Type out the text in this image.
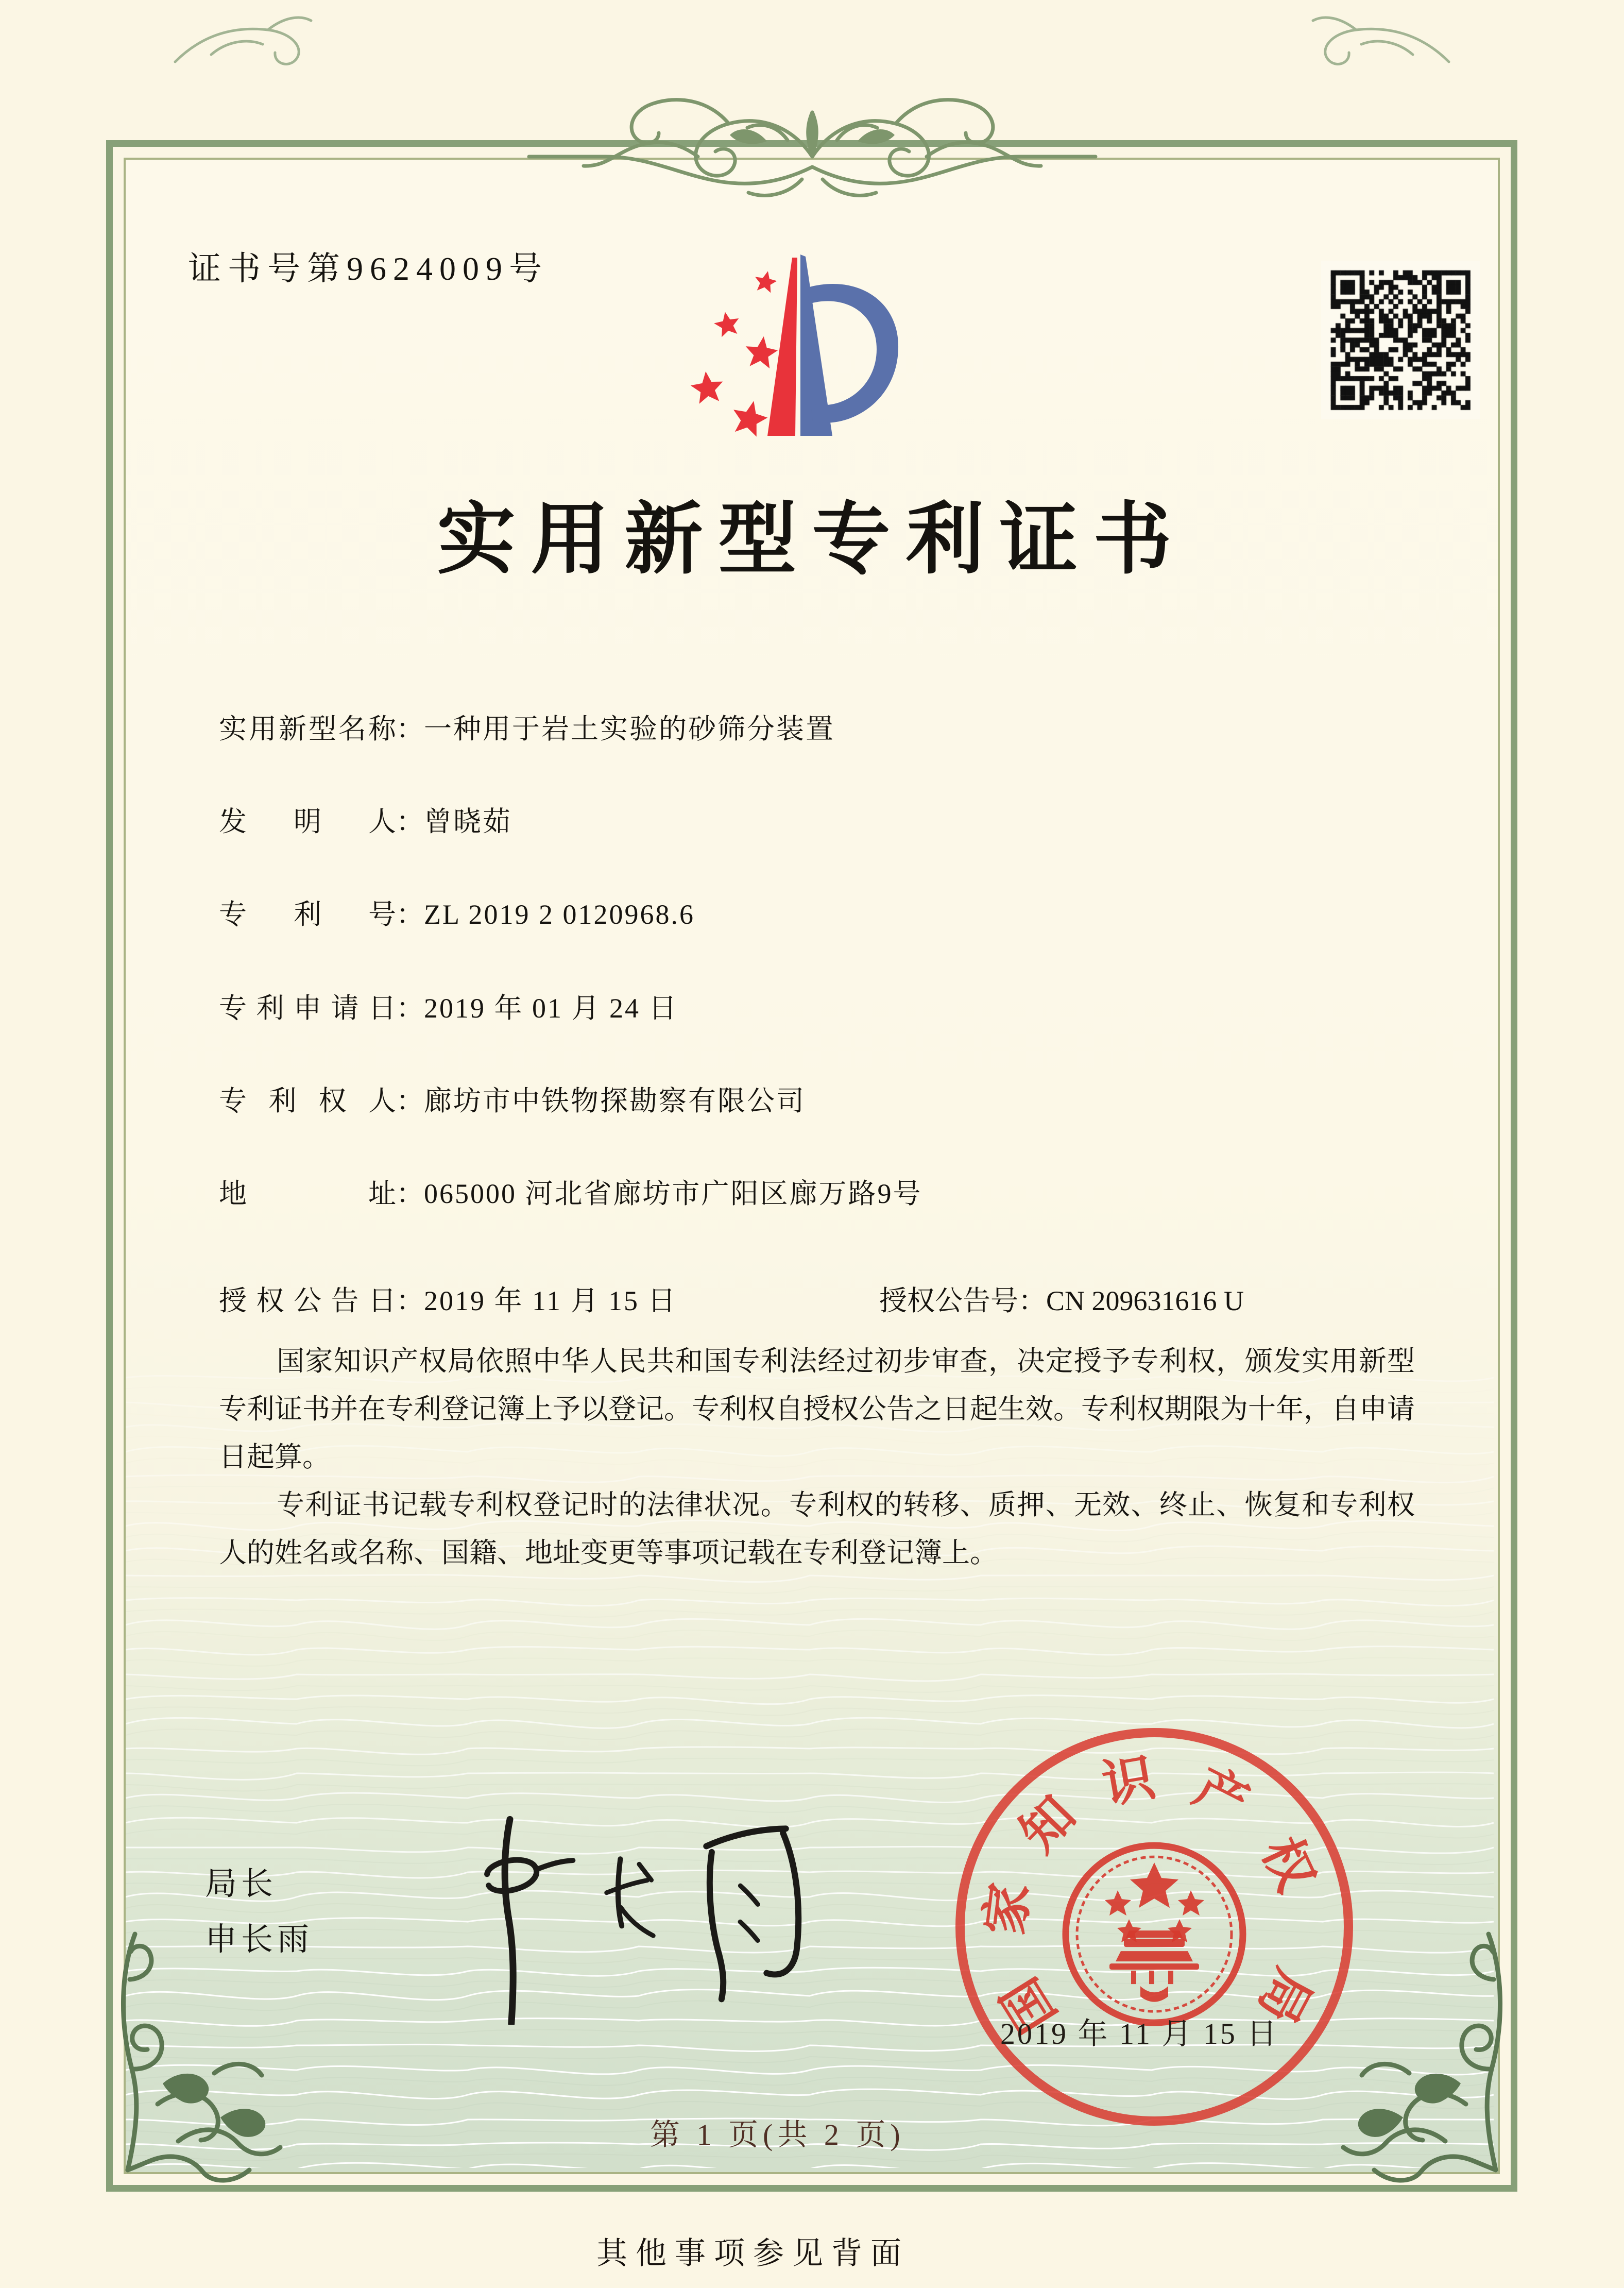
证书号第9624009号
实用新型专利证书
实用新型名称：一种用于岩土实验的砂筛分装置
发明人：曾晓茹
专利号：ZL 2019 2 0120968.6
专利申请日：2019 年 01 月 24 日
专利权人：廊坊市中铁物探勘察有限公司
地址：065000 河北省廊坊市广阳区廊万路9号
授权公告日：2019 年 11 月 15 日	授权公告号：CN 209631616 U

国家知识产权局依照中华人民共和国专利法经过初步审查，决定授予专利权，颁发实用新型专利证书并在专利登记簿上予以登记。专利权自授权公告之日起生效。专利权期限为十年，自申请日起算。

专利证书记载专利权登记时的法律状况。专利权的转移、质押、无效、终止、恢复和专利权人的姓名或名称、国籍、地址变更等事项记载在专利登记簿上。

局长
申长雨
国
家
知
识 产
权
局
2019 年 11 月 15 日
第 1 页(共 2 页)
其他事项参见背面
